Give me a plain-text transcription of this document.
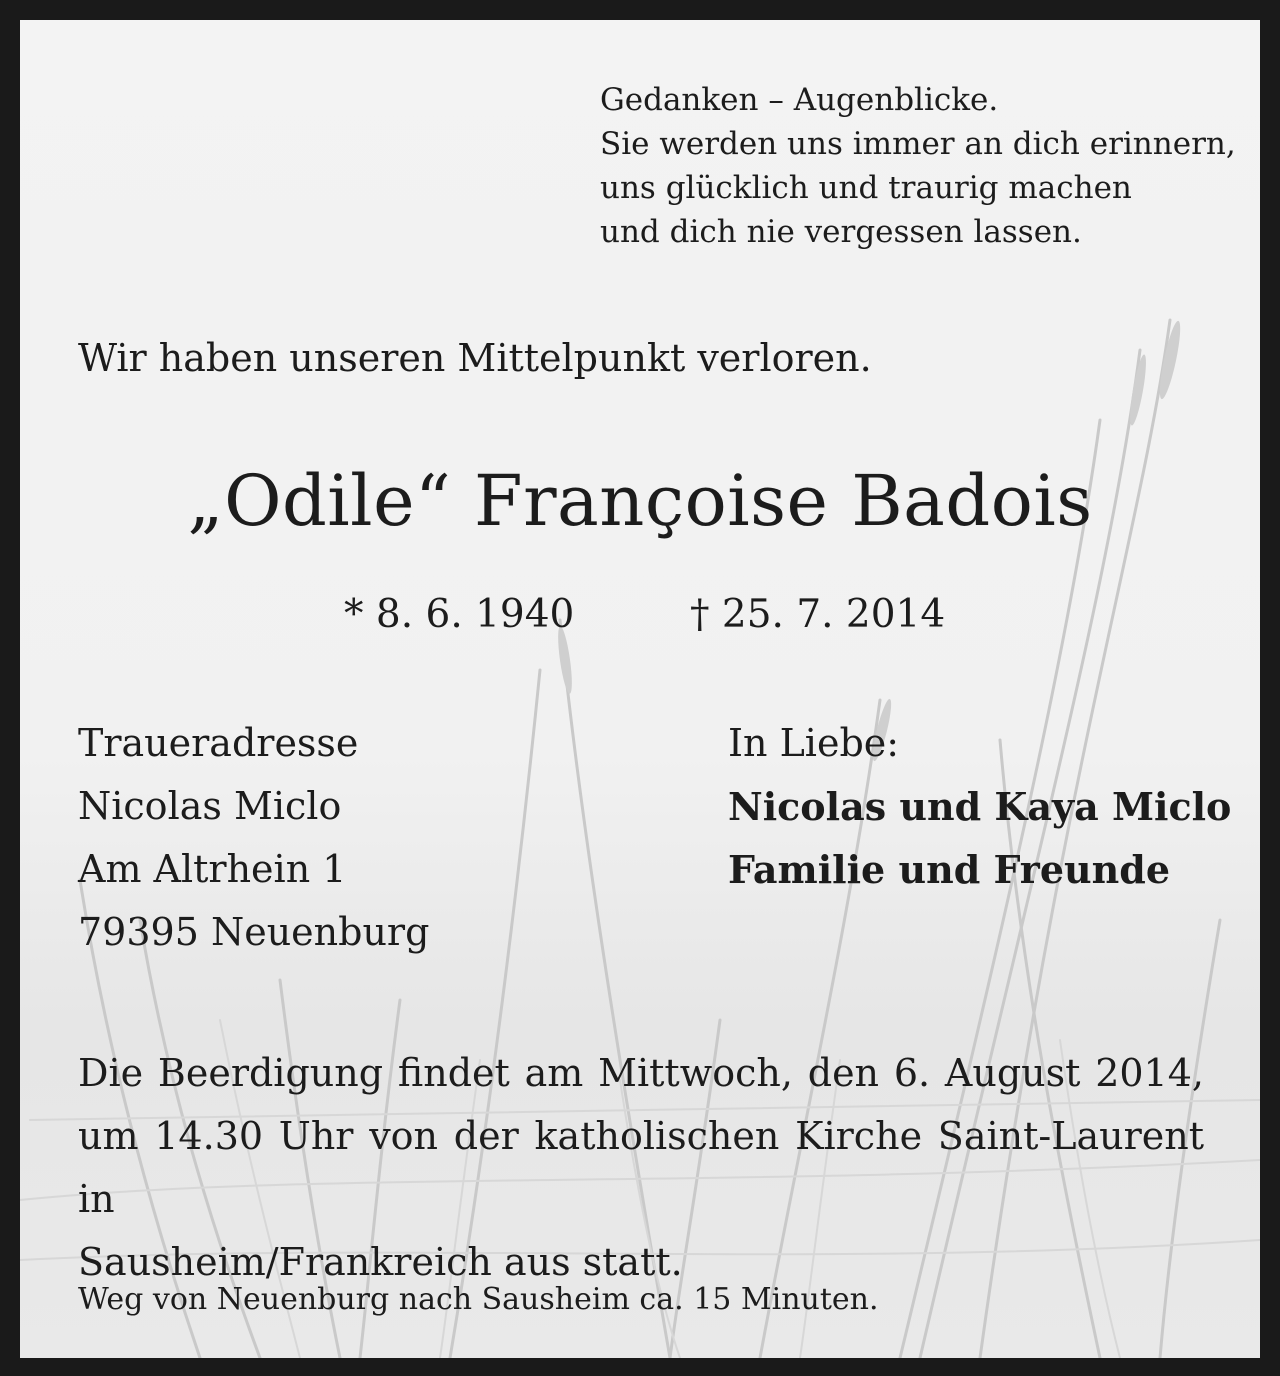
Gedanken – Augenblicke.
Sie werden uns immer an dich erinnern,
uns glücklich und traurig machen
und dich nie vergessen lassen.
Wir haben unseren Mittelpunkt verloren.
„Odile“ Françoise Badois
* 8. 6. 1940	† 25. 7. 2014
Traueradresse
Nicolas Miclo
Am Altrhein 1
79395 Neuenburg
In Liebe:
Nicolas und Kaya Miclo
Familie und Freunde
Die Beerdigung findet am Mittwoch, den 6. August 2014,
um 14.30 Uhr von der katholischen Kirche Saint-Laurent in
Sausheim/Frankreich aus statt.
Weg von Neuenburg nach Sausheim ca. 15 Minuten.
